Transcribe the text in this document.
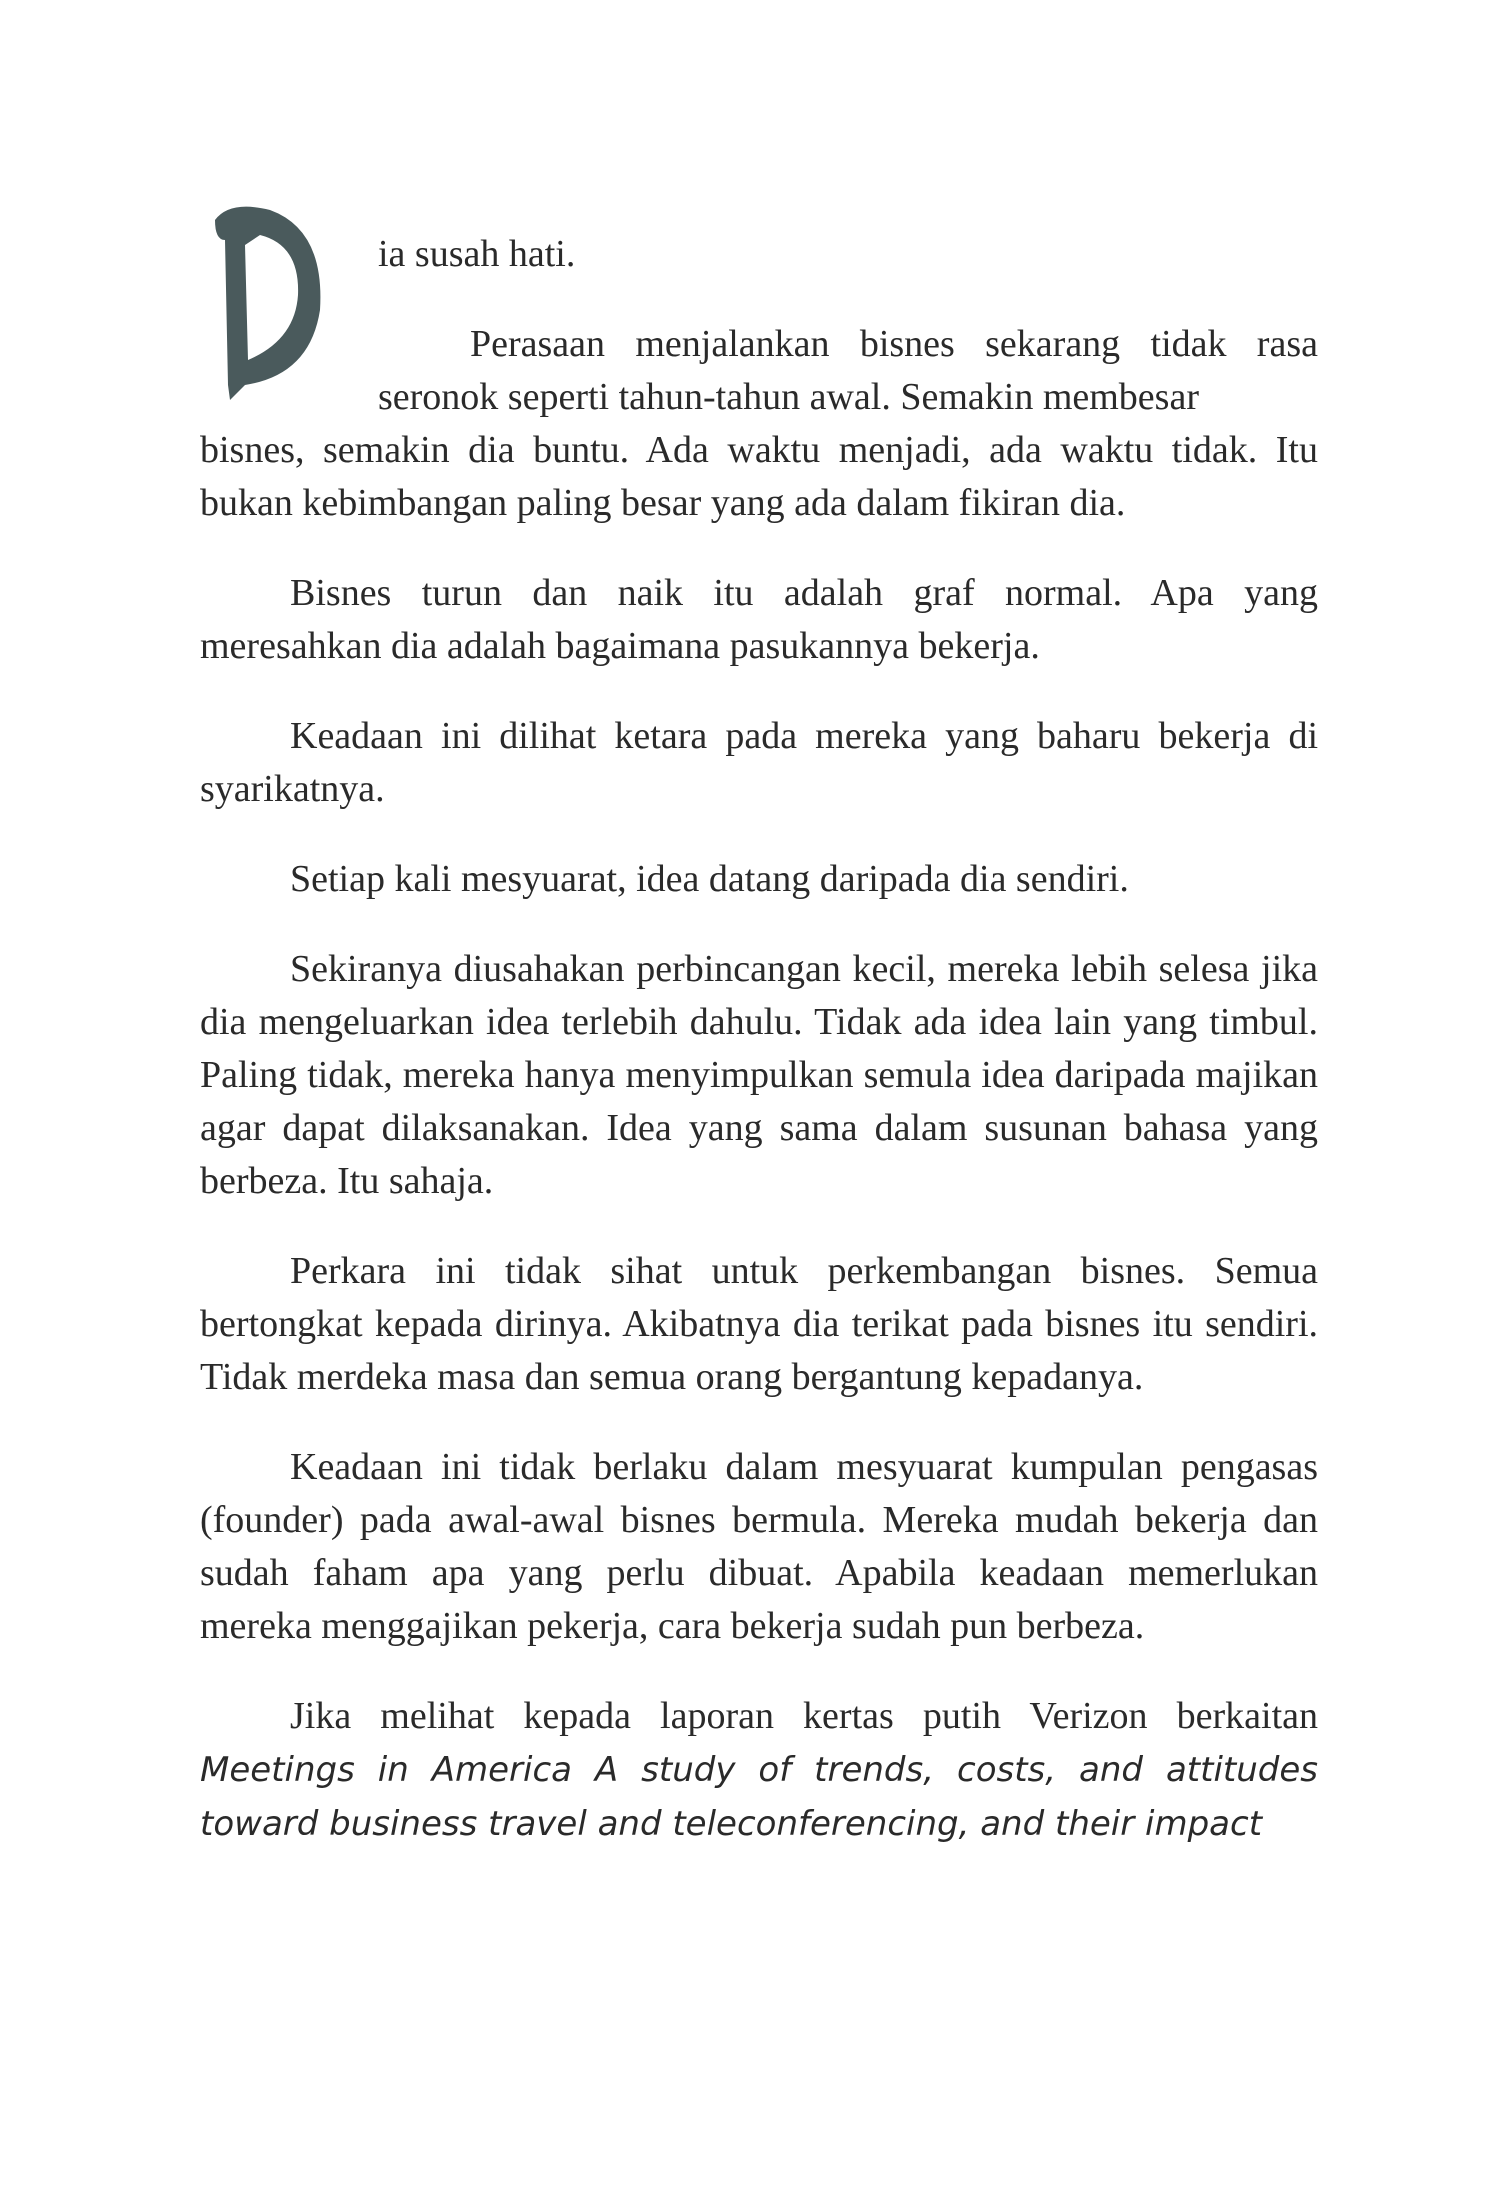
ia susah hati.

Perasaan menjalankan bisnes sekarang tidak rasa seronok seperti tahun-tahun awal. Semakin membesar

bisnes, semakin dia buntu. Ada waktu menjadi, ada waktu tidak. Itu bukan kebimbangan paling besar yang ada dalam fikiran dia.

Bisnes turun dan naik itu adalah graf normal. Apa yang meresahkan dia adalah bagaimana pasukannya bekerja.

Keadaan ini dilihat ketara pada mereka yang baharu bekerja di syarikatnya.

Setiap kali mesyuarat, idea datang daripada dia sendiri.

Sekiranya diusahakan perbincangan kecil, mereka lebih selesa jika dia mengeluarkan idea terlebih dahulu. Tidak ada idea lain yang timbul. Paling tidak, mereka hanya menyimpulkan semula idea daripada majikan agar dapat dilaksanakan. Idea yang sama dalam susunan bahasa yang berbeza. Itu sahaja.

Perkara ini tidak sihat untuk perkembangan bisnes. Semua bertongkat kepada dirinya. Akibatnya dia terikat pada bisnes itu sendiri. Tidak merdeka masa dan semua orang bergantung kepadanya.

Keadaan ini tidak berlaku dalam mesyuarat kumpulan pengasas (founder) pada awal-awal bisnes bermula. Mereka mudah bekerja dan sudah faham apa yang perlu dibuat. Apabila keadaan memerlukan mereka menggajikan pekerja, cara bekerja sudah pun berbeza.

Jika melihat kepada laporan kertas putih Verizon berkaitan Meetings in America A study of trends, costs, and attitudes toward business travel and teleconferencing, and their impact
